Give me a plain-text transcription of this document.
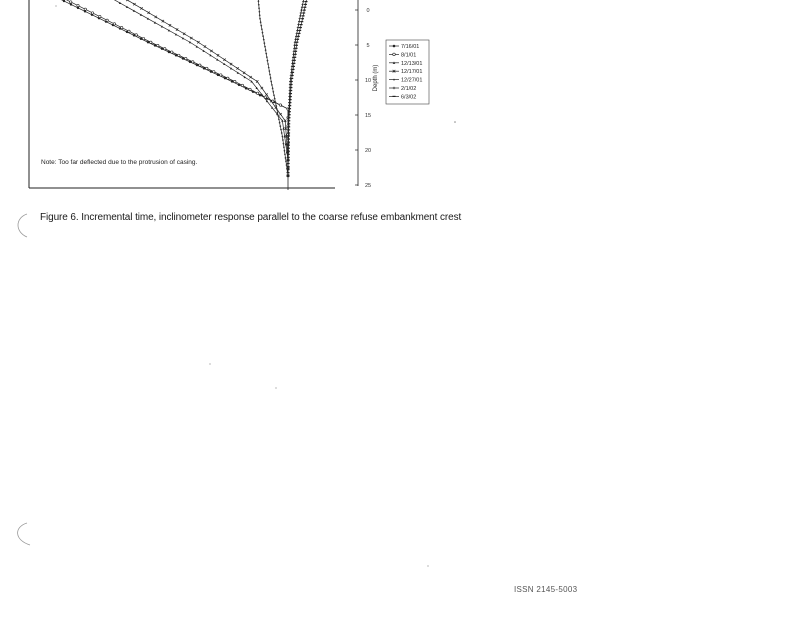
Note: Too far deflected due to the protrusion of casing.
0
5
10
15
20
25
Depth (m)
7/16/01
8/1/01
12/13/01
12/17/01
12/27/01
2/1/02
6/3/02
Figure 6. Incremental time, inclinometer response parallel to the coarse refuse embankment crest
ISSN 2145-5003
